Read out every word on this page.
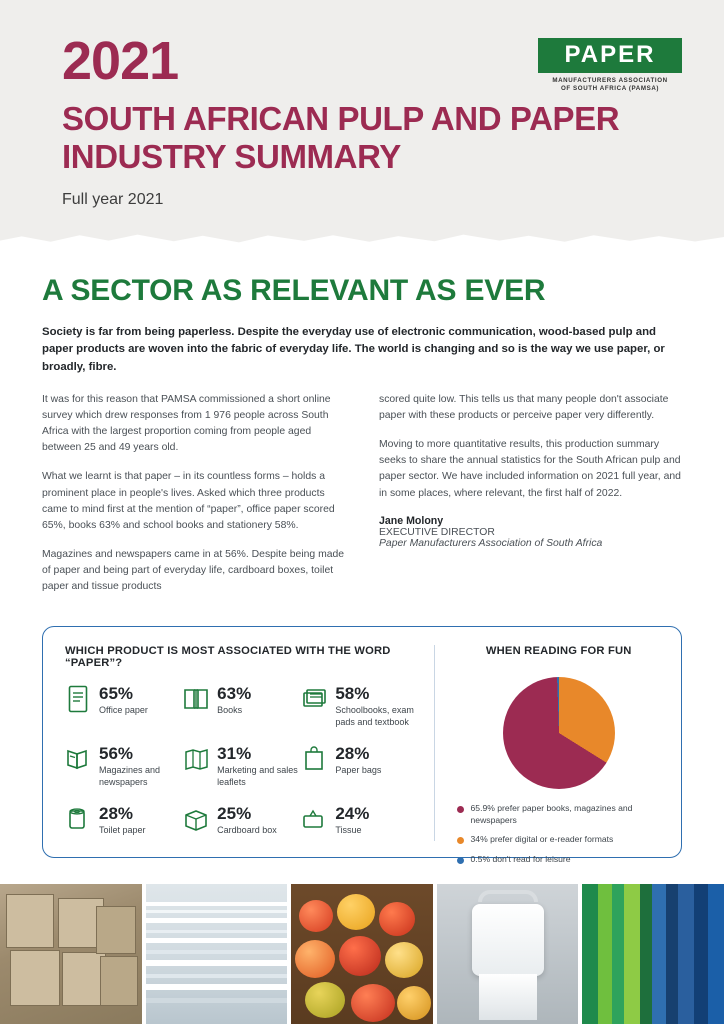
2021
SOUTH AFRICAN PULP AND PAPER INDUSTRY SUMMARY
Full year 2021
PAPER
MANUFACTURERS ASSOCIATION
OF SOUTH AFRICA (PAMSA)
A SECTOR AS RELEVANT AS EVER
Society is far from being paperless. Despite the everyday use of electronic communication, wood-based pulp and paper products are woven into the fabric of everyday life. The world is changing and so is the way we use paper, or broadly, fibre.

It was for this reason that PAMSA commissioned a short online survey which drew responses from 1 976 people across South Africa with the largest proportion coming from people aged between 25 and 49 years old.

What we learnt is that paper – in its countless forms – holds a prominent place in people's lives. Asked which three products came to mind first at the mention of “paper”, office paper scored 65%, books 63% and school books and stationery 58%.

Magazines and newspapers came in at 56%. Despite being made of paper and being part of everyday life, cardboard boxes, toilet paper and tissue products

scored quite low. This tells us that many people don't associate paper with these products or perceive paper very differently.

Moving to more quantitative results, this production summary seeks to share the annual statistics for the South African pulp and paper sector. We have included information on 2021 full year, and in some places, where relevant, the first half of 2022.

Jane Molony
EXECUTIVE DIRECTOR
Paper Manufacturers Association of South Africa
WHICH PRODUCT IS MOST ASSOCIATED WITH THE WORD “PAPER”?
65%
Office paper
63%
Books
58%
Schoolbooks, exam pads and textbook
56%
Magazines and newspapers
31%
Marketing and sales leaflets
28%
Paper bags
28%
Toilet paper
25%
Cardboard box
24%
Tissue
WHEN READING FOR FUN
65.9% prefer paper books, magazines and newspapers
34% prefer digital or e-reader formats
0.5% don't read for leisure
